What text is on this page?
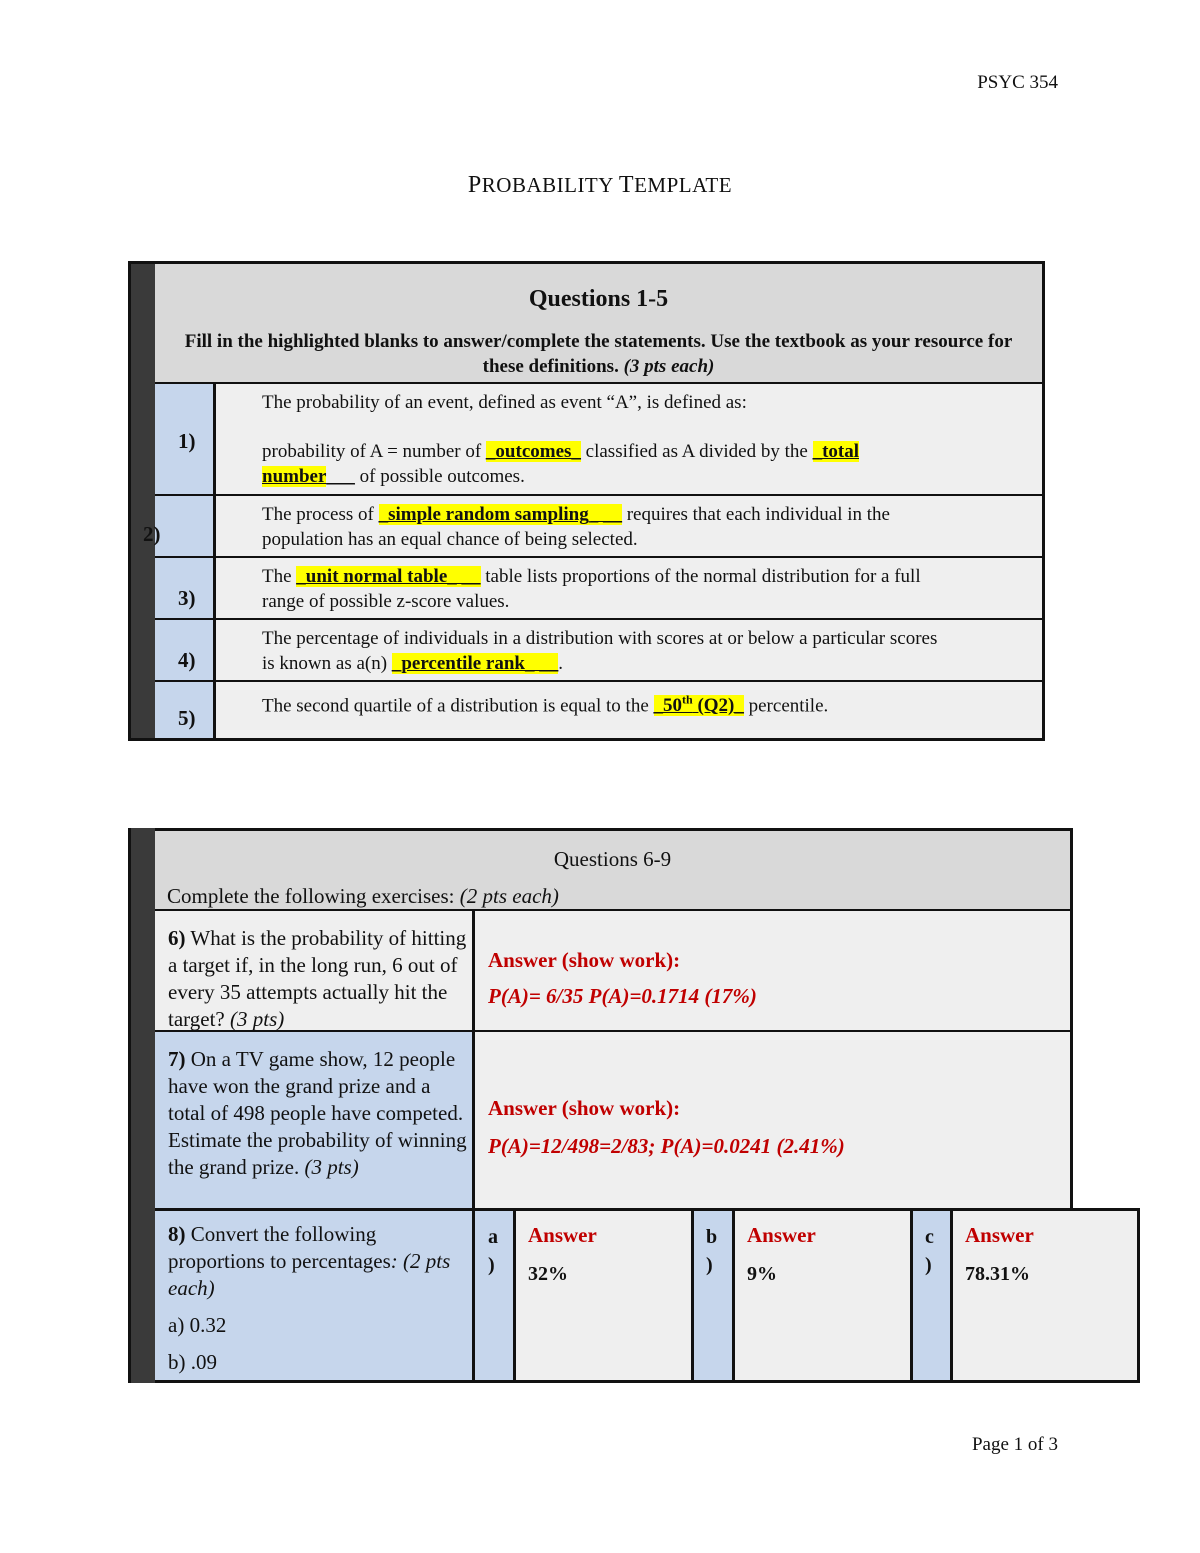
PSYC 354
PROBABILITY TEMPLATE
Questions 1-5
Fill in the highlighted blanks to answer/complete the statements. Use the textbook as your resource for these definitions. (3 pts each)
1)
The probability of an event, defined as event “A”, is defined as:
probability of A = number of _outcomes_ classified as A divided by the _total
number___ of possible outcomes.
2)
The process of _simple random sampling_ __ requires that each individual in the
population has an equal chance of being selected.
3)
The _unit normal table_ __ table lists proportions of the normal distribution for a full
range of possible z-score values.
4)
The percentage of individuals in a distribution with scores at or below a particular scores
is known as a(n) _percentile rank_ __.
5)
The second quartile of a distribution is equal to the _50th (Q2)_ percentile.
Questions 6-9
Complete the following exercises: (2 pts each)
6) What is the probability of hitting a target if, in the long run, 6 out of every 35 attempts actually hit the target? (3 pts)
Answer (show work):
P(A)= 6/35 P(A)=0.1714 (17%)
7) On a TV game show, 12 people have won the grand prize and a total of 498 people have competed. Estimate the probability of winning the grand prize. (3 pts)
Answer (show work):
P(A)=12/498=2/83; P(A)=0.0241 (2.41%)
8) Convert the following proportions to percentages: (2 pts each)
a) 0.32
b) .09
a
)
Answer
32%
b
)
Answer
9%
c
)
Answer
78.31%
Page 1 of 3
